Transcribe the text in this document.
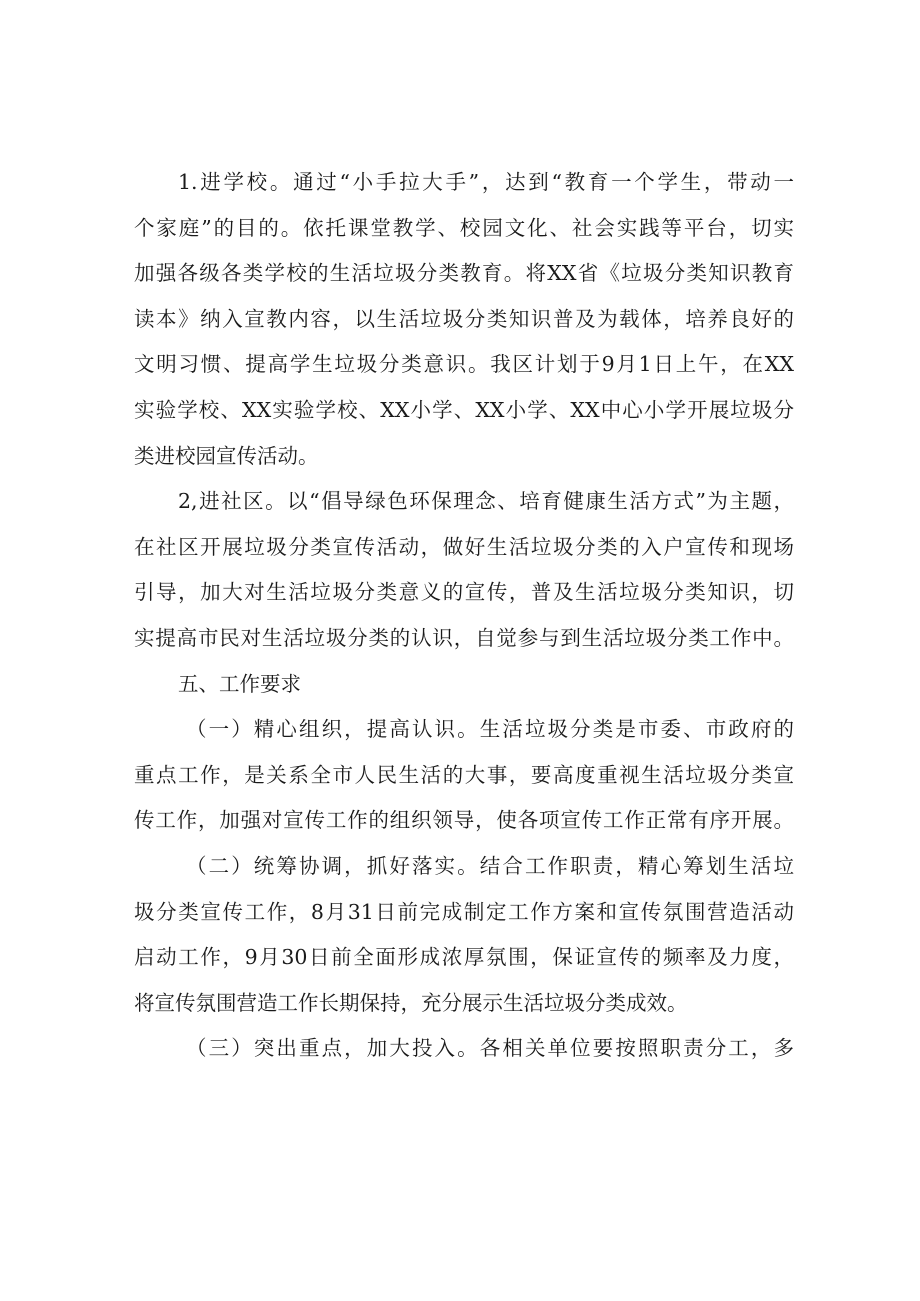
1.进学校。通过“小手拉大手”，达到“教育一个学生，带动一
个家庭”的目的。依托课堂教学、校园文化、社会实践等平台，切实
加强各级各类学校的生活垃圾分类教育。将XX省《垃圾分类知识教育
读本》纳入宣教内容，以生活垃圾分类知识普及为载体，培养良好的
文明习惯、提高学生垃圾分类意识。我区计划于9月1日上午，在XX
实验学校、XX实验学校、XX小学、XX小学、XX中心小学开展垃圾分
类进校园宣传活动。
2,进社区。以“倡导绿色环保理念、培育健康生活方式”为主题，
在社区开展垃圾分类宣传活动，做好生活垃圾分类的入户宣传和现场
引导，加大对生活垃圾分类意义的宣传，普及生活垃圾分类知识，切
实提高市民对生活垃圾分类的认识，自觉参与到生活垃圾分类工作中。
五、工作要求
（一）精心组织，提高认识。生活垃圾分类是市委、市政府的
重点工作，是关系全市人民生活的大事，要高度重视生活垃圾分类宣
传工作，加强对宣传工作的组织领导，使各项宣传工作正常有序开展。
（二）统筹协调，抓好落实。结合工作职责，精心筹划生活垃
圾分类宣传工作，8月31日前完成制定工作方案和宣传氛围营造活动
启动工作，9月30日前全面形成浓厚氛围，保证宣传的频率及力度，
将宣传氛围营造工作长期保持，充分展示生活垃圾分类成效。
（三）突出重点，加大投入。各相关单位要按照职责分工，多
